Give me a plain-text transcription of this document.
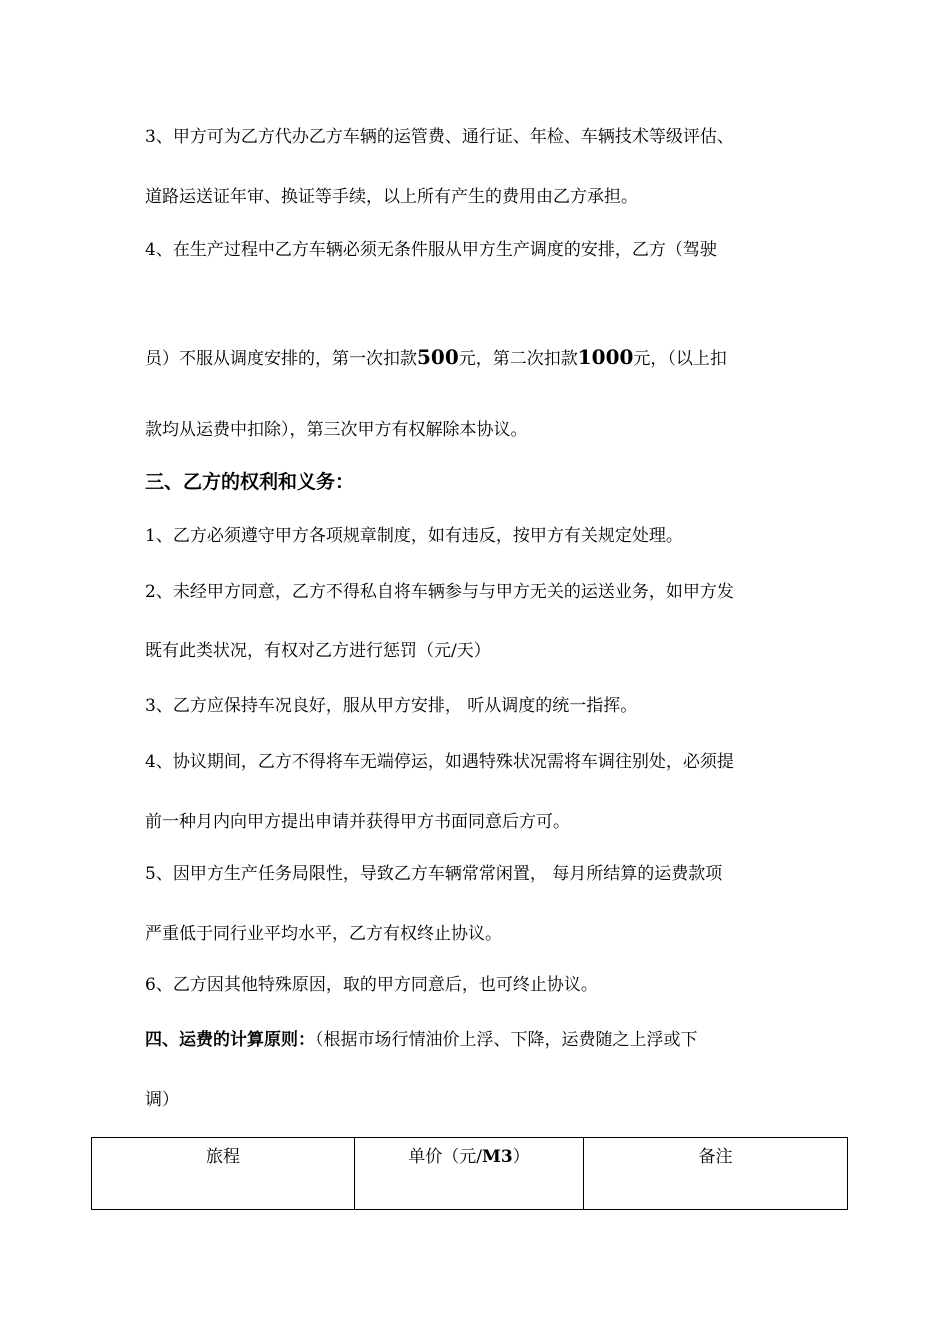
3、甲方可为乙方代办乙方车辆的运管费、通行证、年检、车辆技术等级评估、
道路运送证年审、换证等手续，以上所有产生的费用由乙方承担。
4、在生产过程中乙方车辆必须无条件服从甲方生产调度的安排，乙方（驾驶
员）不服从调度安排的，第一次扣款500元，第二次扣款1000元，（以上扣
款均从运费中扣除），第三次甲方有权解除本协议。
三、乙方的权利和义务：
1、乙方必须遵守甲方各项规章制度，如有违反，按甲方有关规定处理。
2、未经甲方同意，乙方不得私自将车辆参与与甲方无关的运送业务，如甲方发
既有此类状况，有权对乙方进行惩罚（元/天）
3、乙方应保持车况良好，服从甲方安排， 听从调度的统一指挥。
4、协议期间，乙方不得将车无端停运，如遇特殊状况需将车调往别处，必须提
前一种月内向甲方提出申请并获得甲方书面同意后方可。
5、因甲方生产任务局限性，导致乙方车辆常常闲置， 每月所结算的运费款项
严重低于同行业平均水平，乙方有权终止协议。
6、乙方因其他特殊原因，取的甲方同意后，也可终止协议。
四、运费的计算原则：（根据市场行情油价上浮、下降，运费随之上浮或下
调）
旅程	单价（元/M3）	备注
